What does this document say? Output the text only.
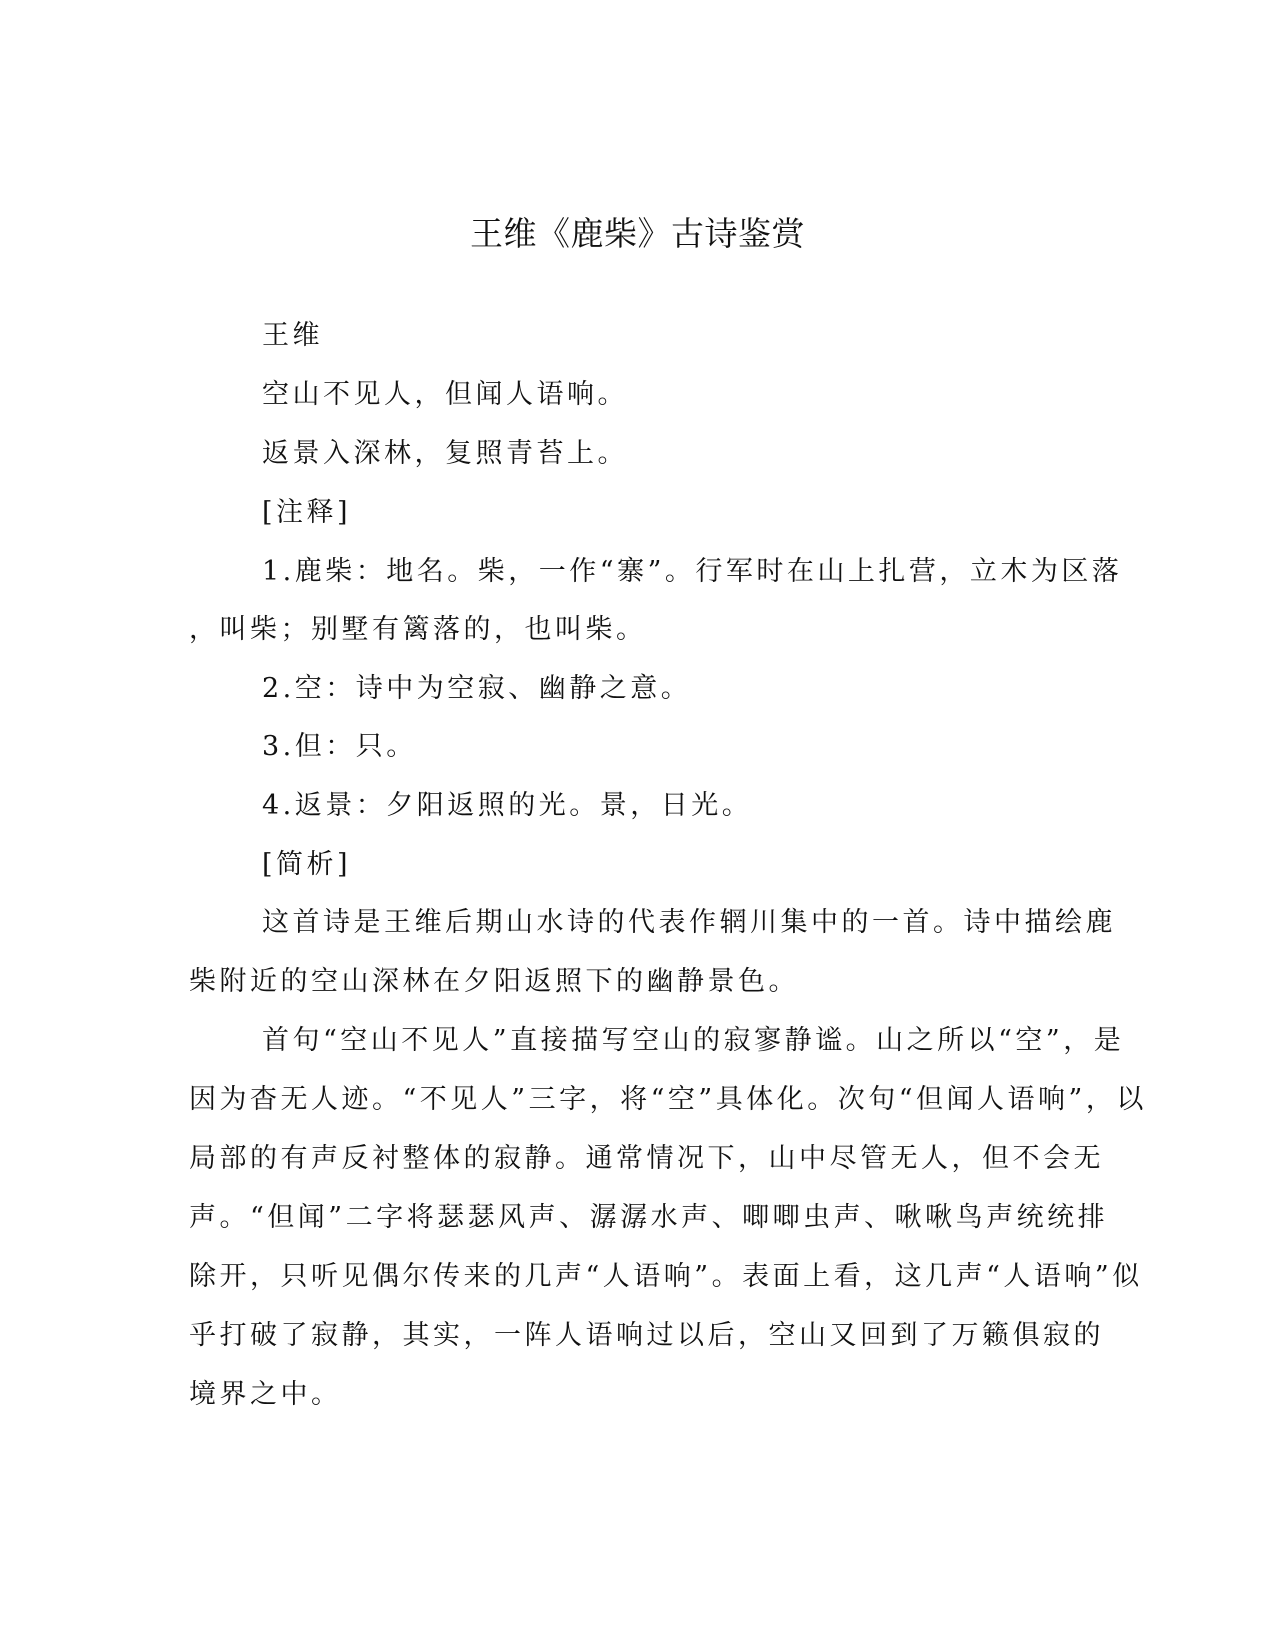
王维《鹿柴》古诗鉴赏

王维

空山不见人，但闻人语响。

返景入深林，复照青苔上。

[注释]

1.鹿柴：地名。柴，一作“寨”。行军时在山上扎营，立木为区落

，叫柴；别墅有篱落的，也叫柴。

2.空：诗中为空寂、幽静之意。

3.但：只。

4.返景：夕阳返照的光。景，日光。

[简析]

这首诗是王维后期山水诗的代表作辋川集中的一首。诗中描绘鹿

柴附近的空山深林在夕阳返照下的幽静景色。

首句“空山不见人”直接描写空山的寂寥静谧。山之所以“空”，是

因为杳无人迹。“不见人”三字，将“空”具体化。次句“但闻人语响”，以

局部的有声反衬整体的寂静。通常情况下，山中尽管无人，但不会无

声。“但闻”二字将瑟瑟风声、潺潺水声、唧唧虫声、啾啾鸟声统统排

除开，只听见偶尔传来的几声“人语响”。表面上看，这几声“人语响”似

乎打破了寂静，其实，一阵人语响过以后，空山又回到了万籁俱寂的

境界之中。
